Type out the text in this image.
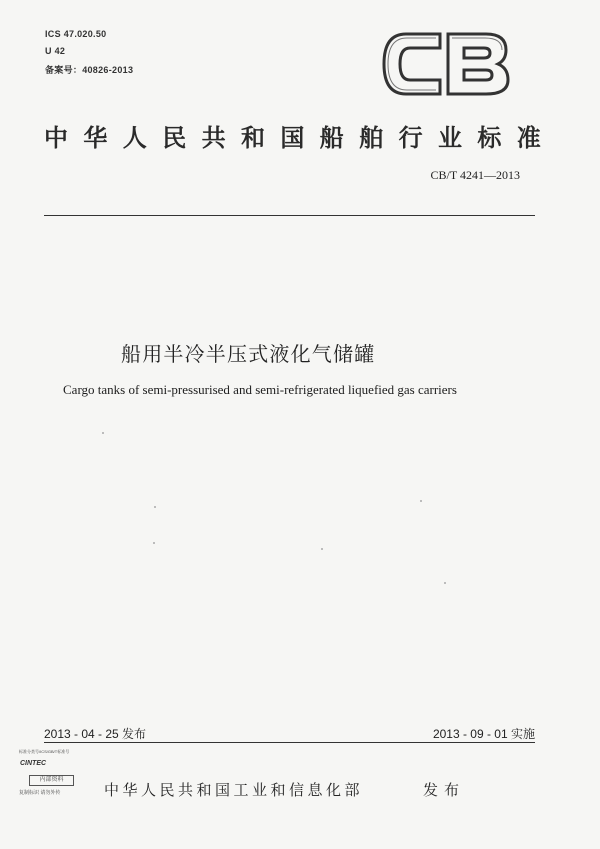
ICS 47.020.50
U 42
备案号：40826-2013	CB
中华人民共和国船舶行业标准
CB/T 4241—2013
船用半冷半压式液化气储罐
Cargo tanks of semi-pressurised and semi-refrigerated liquefied gas carriers
2013 - 04 - 25 发布	2013 - 09 - 01 实施
标准分类号/ICS/GB/T标准号
CINTEC
内部资料
复制标识 请勿外传	中华人民共和国工业和信息化部	发布
